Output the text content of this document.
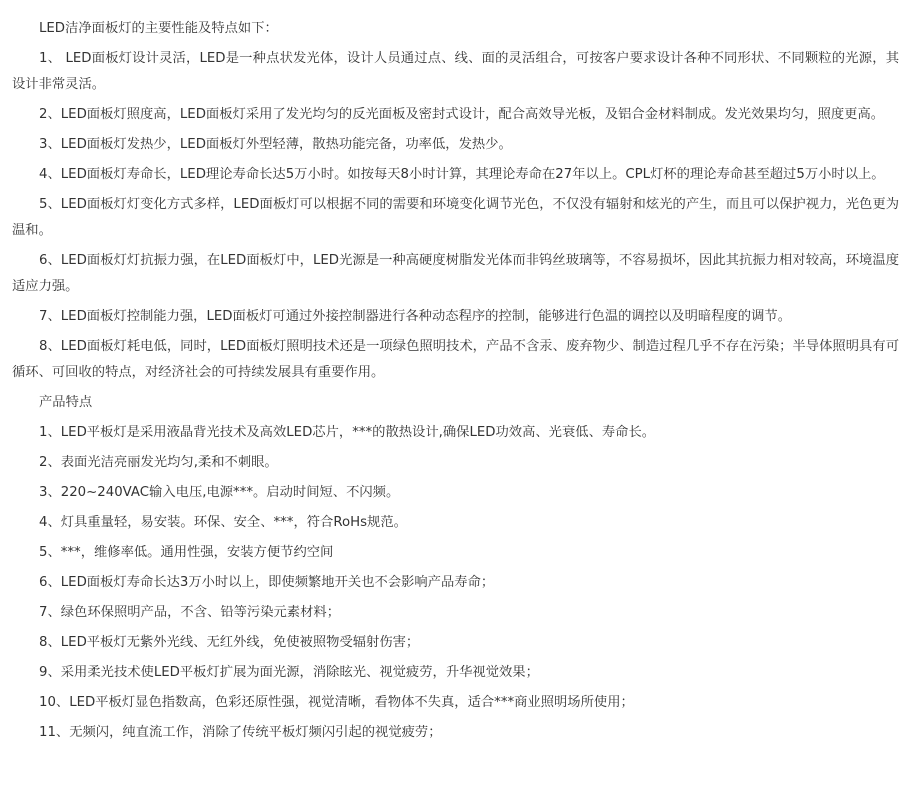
LED洁净面板灯的主要性能及特点如下：

1、 LED面板灯设计灵活，LED是一种点状发光体，设计人员通过点、线、面的灵活组合，可按客户要求设计各种不同形状、不同颗粒的光源，其设计非常灵活。

2、LED面板灯照度高，LED面板灯采用了发光均匀的反光面板及密封式设计，配合高效导光板，及铝合金材料制成。发光效果均匀，照度更高。

3、LED面板灯发热少，LED面板灯外型轻薄，散热功能完备，功率低，发热少。

4、LED面板灯寿命长，LED理论寿命长达5万小时。如按每天8小时计算，其理论寿命在27年以上。CPL灯杯的理论寿命甚至超过5万小时以上。

5、LED面板灯灯变化方式多样，LED面板灯可以根据不同的需要和环境变化调节光色，不仅没有辐射和炫光的产生，而且可以保护视力，光色更为温和。

6、LED面板灯灯抗振力强，在LED面板灯中，LED光源是一种高硬度树脂发光体而非钨丝玻璃等，不容易损坏，因此其抗振力相对较高，环境温度适应力强。

7、LED面板灯控制能力强，LED面板灯可通过外接控制器进行各种动态程序的控制，能够进行色温的调控以及明暗程度的调节。

8、LED面板灯耗电低，同时，LED面板灯照明技术还是一项绿色照明技术，产品不含汞、废弃物少、制造过程几乎不存在污染；半导体照明具有可循环、可回收的特点，对经济社会的可持续发展具有重要作用。

产品特点

1、LED平板灯是采用液晶背光技术及高效LED芯片，***的散热设计,确保LED功效高、光衰低、寿命长。

2、表面光洁亮丽发光均匀,柔和不刺眼。

3、220~240VAC输入电压,电源***。启动时间短、不闪频。

4、灯具重量轻，易安装。环保、安全、***，符合RoHs规范。

5、***，维修率低。通用性强，安装方便节约空间

6、LED面板灯寿命长达3万小时以上，即使频繁地开关也不会影响产品寿命；

7、绿色环保照明产品，不含、铅等污染元素材料；

8、LED平板灯无紫外光线、无红外线，免使被照物受辐射伤害；

9、采用柔光技术使LED平板灯扩展为面光源，消除眩光、视觉疲劳，升华视觉效果；

10、LED平板灯显色指数高，色彩还原性强，视觉清晰，看物体不失真，适合***商业照明场所使用；

11、无频闪，纯直流工作，消除了传统平板灯频闪引起的视觉疲劳；
